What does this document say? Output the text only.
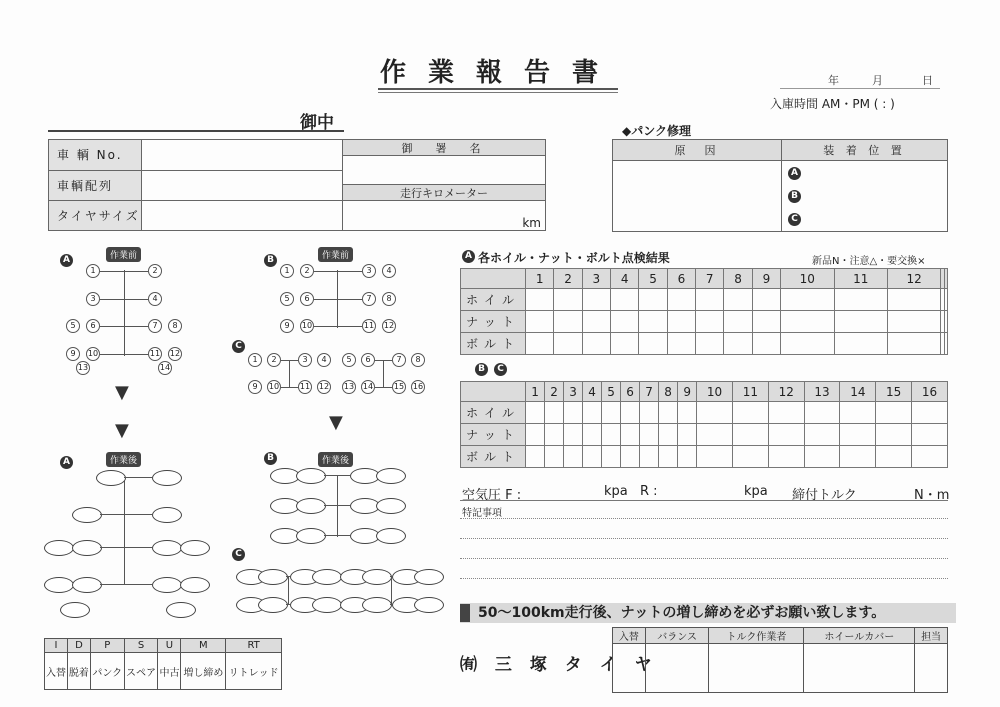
作業報告書	年	月	日
入庫時間 AM・PM ( : )
御中
車 輌 No.		御　署　名
走行キロメーター

車輌配列		
タイヤサイズ		km
◆パンク修理
原　因	装 着 位 置

	A
B
C
A	作業前	B	作業前
C
▼
▼	▼
A	作業後	B	作業後
C
1	2
3	4
5	6	7	8
9	10	11 12
13	14
1	2	3	4
5	6	7	8
9	10	11 12
1	2	3	4
9	10	11 12
5	6	7	8
13 14	15 16
A 各ホイル・ナット・ボルト点検結果	新品N・注意△・要交換×
	1	2	3	4	5	6	7	8	9	10	11	12		
ホイル														
ナット														
ボルト														
B	C
	1	2	3	4	5	6	7	8	9	10	11	12	13	14	15	16
ホイル																
ナット																
ボルト																
空気圧 F :	kpa R :	kpa 締付トルク	N・m
特記事項
50〜100km走行後、ナットの増し締めを必ずお願い致します。
I	D	P	S	U	M	RT
入替	脱着	パンク	スペア	中古	増し締め	リトレッド	㈲ 三 塚 タ イ ヤ
入替	バランス	トルク作業者	ホイールカバー	担当
